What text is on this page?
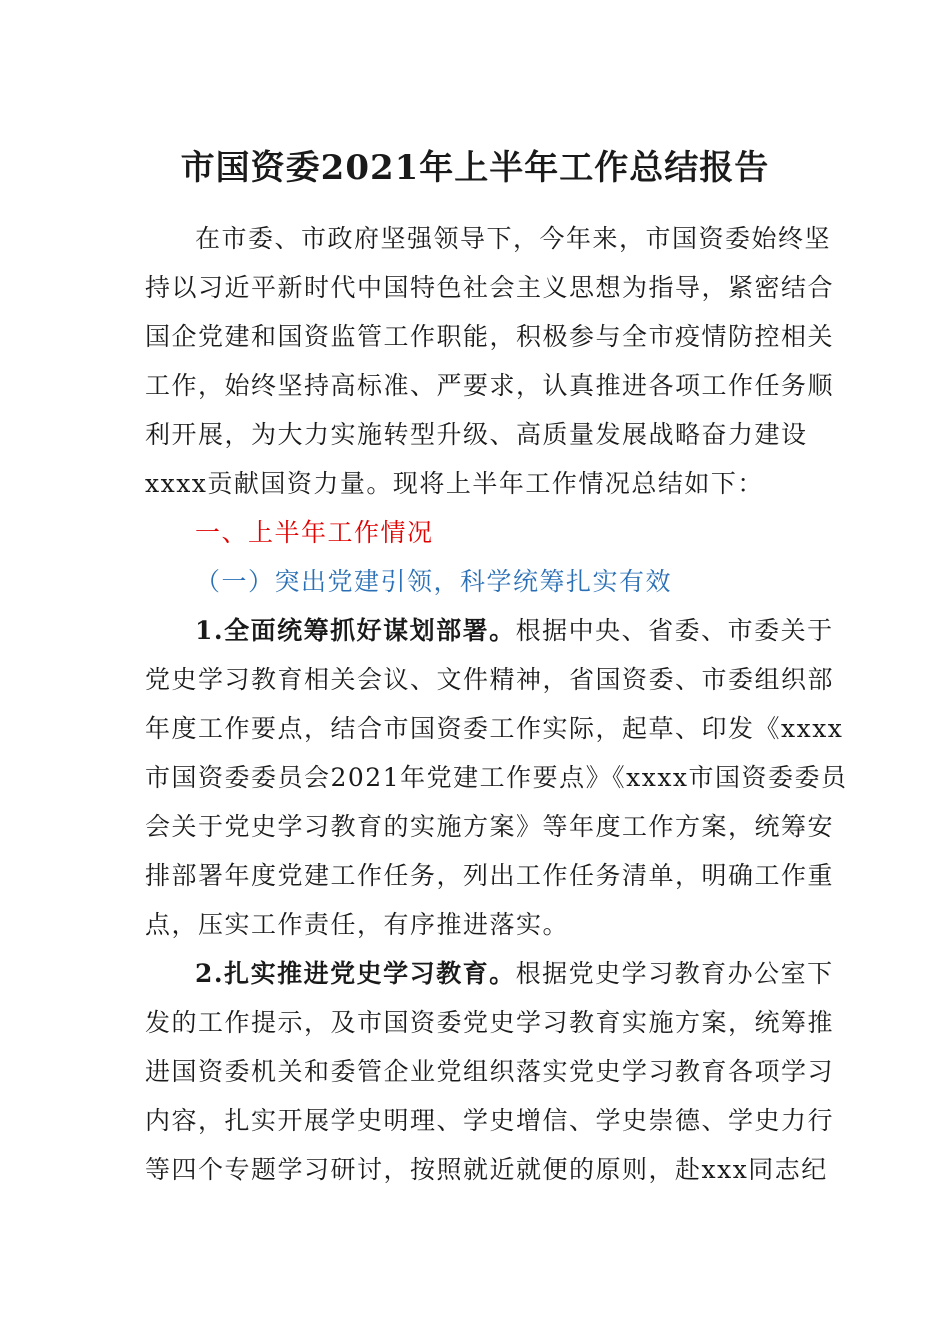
市国资委2021年上半年工作总结报告
在市委、市政府坚强领导下，今年来，市国资委始终坚
持以习近平新时代中国特色社会主义思想为指导，紧密结合
国企党建和国资监管工作职能，积极参与全市疫情防控相关
工作，始终坚持高标准、严要求，认真推进各项工作任务顺
利开展，为大力实施转型升级、高质量发展战略奋力建设
xxxx贡献国资力量。现将上半年工作情况总结如下：
一、上半年工作情况
（一）突出党建引领，科学统筹扎实有效
1.全面统筹抓好谋划部署。根据中央、省委、市委关于
党史学习教育相关会议、文件精神，省国资委、市委组织部
年度工作要点，结合市国资委工作实际，起草、印发《xxxx
市国资委委员会2021年党建工作要点》《xxxx市国资委委员
会关于党史学习教育的实施方案》等年度工作方案，统筹安
排部署年度党建工作任务，列出工作任务清单，明确工作重
点，压实工作责任，有序推进落实。
2.扎实推进党史学习教育。根据党史学习教育办公室下
发的工作提示，及市国资委党史学习教育实施方案，统筹推
进国资委机关和委管企业党组织落实党史学习教育各项学习
内容，扎实开展学史明理、学史增信、学史崇德、学史力行
等四个专题学习研讨，按照就近就便的原则，赴xxx同志纪
